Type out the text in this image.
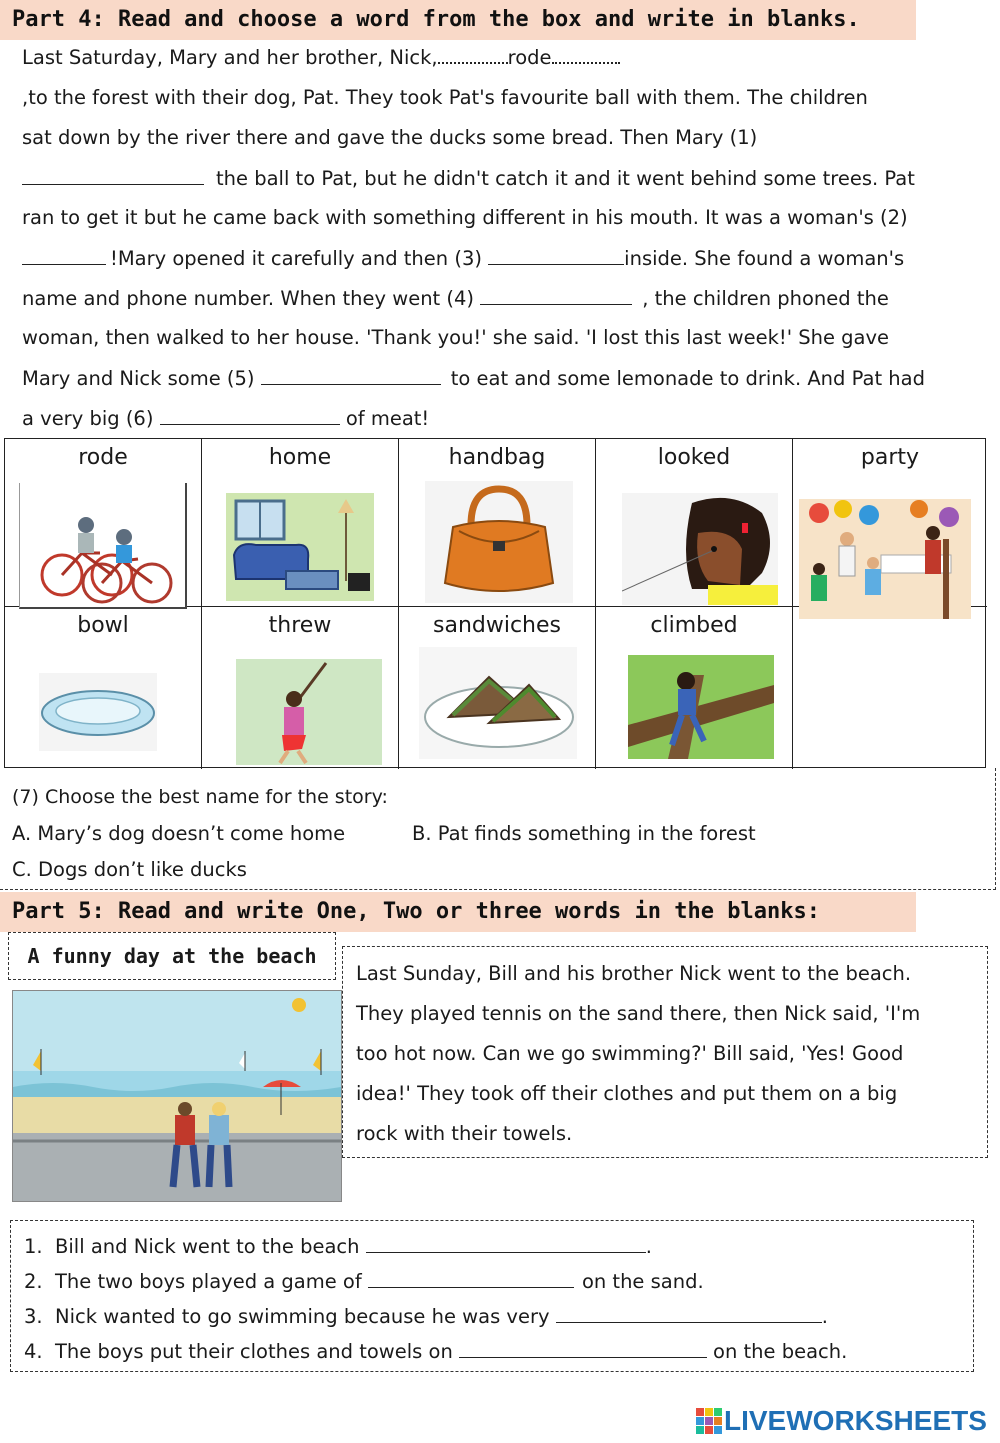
Part 4: Read and choose a word from the box and write in blanks.
Last Saturday, Mary and her brother, Nick,	rode
,to the forest with their dog, Pat. They took Pat's favourite ball with them. The children
sat down by the river there and gave the ducks some bread. Then Mary (1)
the ball to Pat, but he didn't catch it and it went behind some trees. Pat
ran to get it but he came back with something different in his mouth. It was a woman's (2)
!Mary opened it carefully and then (3)	inside. She found a woman's
name and phone number. When they went (4)	, the children phoned the
woman, then walked to her house. 'Thank you!' she said. 'I lost this last week!' She gave
Mary and Nick some (5)	to eat and some lemonade to drink. And Pat had
a very big (6)	of meat!
rode	home	handbag	looked	party
bowl	threw	sandwiches	climbed
(7) Choose the best name for the story:
A. Mary’s dog doesn’t come home	B. Pat finds something in the forest
C. Dogs don’t like ducks
Part 5: Read and write One, Two or three words in the blanks:
A funny day at the beach
Last Sunday, Bill and his brother Nick went to the beach.
They played tennis on the sand there, then Nick said, 'I'm
too hot now. Can we go swimming?' Bill said, 'Yes! Good
idea!' They took off their clothes and put them on a big
rock with their towels.
1. Bill and Nick went to the beach	.
2. The two boys played a game of	on the sand.
3. Nick wanted to go swimming because he was very	.
4. The boys put their clothes and towels on	on the beach.
LIVEWORKSHEETS
